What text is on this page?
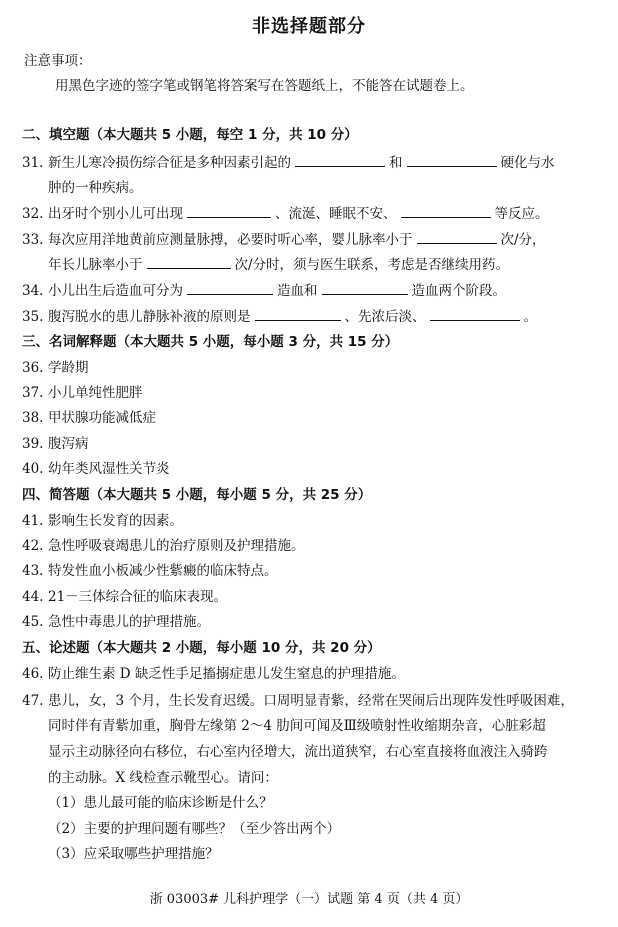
非选择题部分
注意事项：
用黑色字迹的签字笔或钢笔将答案写在答题纸上，不能答在试题卷上。
二、填空题（本大题共 5 小题，每空 1 分，共 10 分）
31. 新生儿寒冷损伤综合征是多种因素引起的	和	硬化与水
肿的一种疾病。
32. 出牙时个别小儿可出现	、流涎、睡眠不安、	等反应。
33. 每次应用洋地黄前应测量脉搏，必要时听心率，婴儿脉率小于	次/分，
年长儿脉率小于	次/分时，须与医生联系，考虑是否继续用药。
34. 小儿出生后造血可分为	造血和	造血两个阶段。
35. 腹泻脱水的患儿静脉补液的原则是	、先浓后淡、	。
三、名词解释题（本大题共 5 小题，每小题 3 分，共 15 分）
36. 学龄期
37. 小儿单纯性肥胖
38. 甲状腺功能减低症
39. 腹泻病
40. 幼年类风湿性关节炎
四、简答题（本大题共 5 小题，每小题 5 分，共 25 分）
41. 影响生长发育的因素。
42. 急性呼吸衰竭患儿的治疗原则及护理措施。
43. 特发性血小板减少性紫癜的临床特点。
44. 21－三体综合征的临床表现。
45. 急性中毒患儿的护理措施。
五、论述题（本大题共 2 小题，每小题 10 分，共 20 分）
46. 防止维生素 D 缺乏性手足搐搦症患儿发生窒息的护理措施。
47. 患儿，女，3 个月，生长发育迟缓。口周明显青紫，经常在哭闹后出现阵发性呼吸困难，
同时伴有青紫加重，胸骨左缘第 2～4 肋间可闻及Ⅲ级喷射性收缩期杂音，心脏彩超
显示主动脉径向右移位，右心室内径增大，流出道狭窄，右心室直接将血液注入骑跨
的主动脉。X 线检查示靴型心。请问：
（1）患儿最可能的临床诊断是什么？
（2）主要的护理问题有哪些？（至少答出两个）
（3）应采取哪些护理措施？
浙 03003# 儿科护理学（一）试题 第 4 页（共 4 页）
